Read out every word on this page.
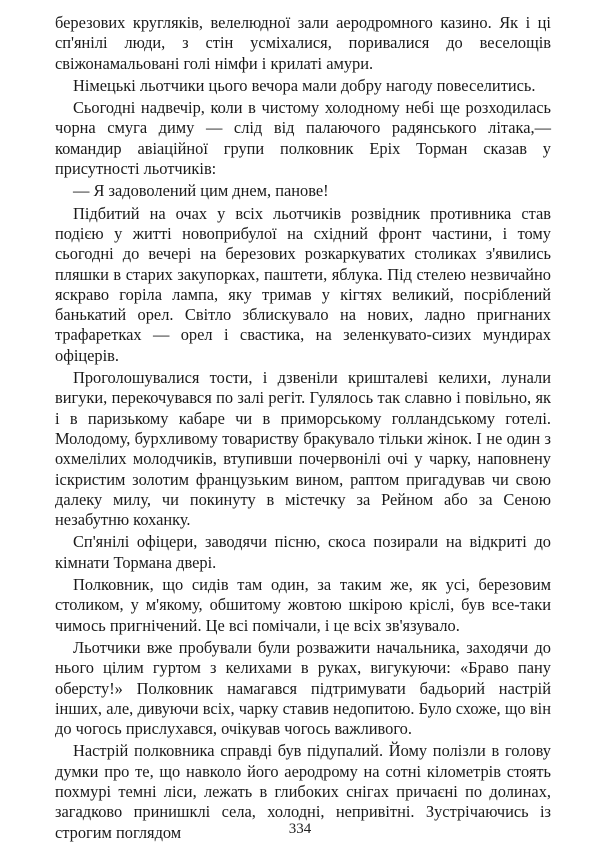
березових кругляків, велелюдної зали аеродромного казино. Як і ці сп'янілі люди, з стін усміхалися, поривалися до веселощів свіжонамальовані голі німфи і крилаті амури.

Німецькі льотчики цього вечора мали добру нагоду повеселитись.

Сьогодні надвечір, коли в чистому холодному небі ще розходилась чорна смуга диму — слід від палаючого радянського літака,— командир авіаційної групи полковник Еріх Торман сказав у присутності льотчиків:

— Я задоволений цим днем, панове!

Підбитий на очах у всіх льотчиків розвідник противника став подією у житті новоприбулої на східний фронт частини, і тому сьогодні до вечері на березових розкаркуватих столиках з'явились пляшки в старих закупорках, паштети, яблука. Під стелею незвичайно яскраво горіла лампа, яку тримав у кігтях великий, посріблений банькатий орел. Світло зблискувало на нових, ладно пригнаних трафаретках — орел і свастика, на зеленкувато-сизих мундирах офіцерів.

Проголошувалися тости, і дзвеніли кришталеві келихи, лунали вигуки, перекочувався по залі регіт. Гулялось так славно і повільно, як і в паризькому кабаре чи в приморському голландському готелі. Молодому, бурхливому товариству бракувало тільки жінок. І не один з охмелілих молодчиків, втупивши почервонілі очі у чарку, наповнену іскристим золотим французьким вином, раптом пригадував чи свою далеку милу, чи покинуту в містечку за Рейном або за Сеною незабутню коханку.

Сп'янілі офіцери, заводячи пісню, скоса позирали на відкриті до кімнати Тормана двері.

Полковник, що сидів там один, за таким же, як усі, березовим столиком, у м'якому, обшитому жовтою шкірою кріслі, був все-таки чимось пригнічений. Це всі помічали, і це всіх зв'язувало.

Льотчики вже пробували були розважити начальника, заходячи до нього цілим гуртом з келихами в руках, вигукуючи: «Браво пану оберсту!» Полковник намагався підтримувати бадьорий настрій інших, але, дивуючи всіх, чарку ставив недопитою. Було схоже, що він до чогось прислухався, очікував чогось важливого.

Настрій полковника справді був підупалий. Йому полізли в голову думки про те, що навколо його аеродрому на сотні кілометрів стоять похмурі темні ліси, лежать в глибоких снігах причаєні по долинах, загадково принишклі села, холодні, непривітні. Зустрічаючись із строгим поглядом	334
